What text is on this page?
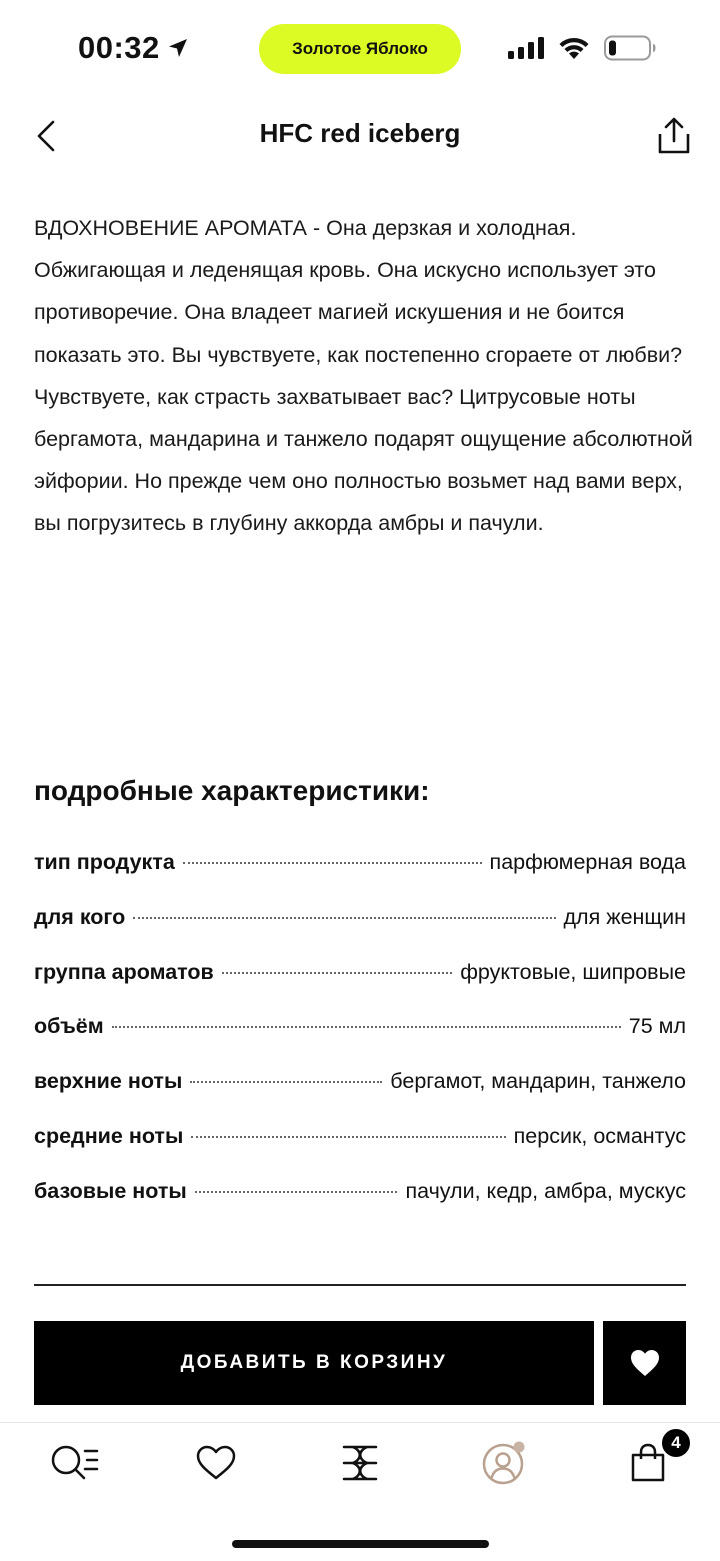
00:32	Золотое Яблоко
HFC red iceberg

ВДОХНОВЕНИЕ АРОМАТА - Она дерзкая и холодная. Обжигающая и леденящая кровь. Она искусно использует это противоречие. Она владеет магией искушения и не боится показать это. Вы чувствуете, как постепенно сгораете от любви? Чувствуете, как страсть захватывает вас? Цитрусовые ноты бергамота, мандарина и танжело подарят ощущение абсолютной эйфории. Но прежде чем оно полностью возьмет над вами верх, вы погрузитесь в глубину аккорда амбры и пачули.

подробные характеристики:
тип продукта	парфюмерная вода
для кого	для женщин
группа ароматов	фруктовые, шипровые
объём	75 мл
верхние ноты	бергамот, мандарин, танжело
средние ноты	персик, османтус
базовые ноты	пачули, кедр, амбра, мускус
ДОБАВИТЬ В КОРЗИНУ
4
